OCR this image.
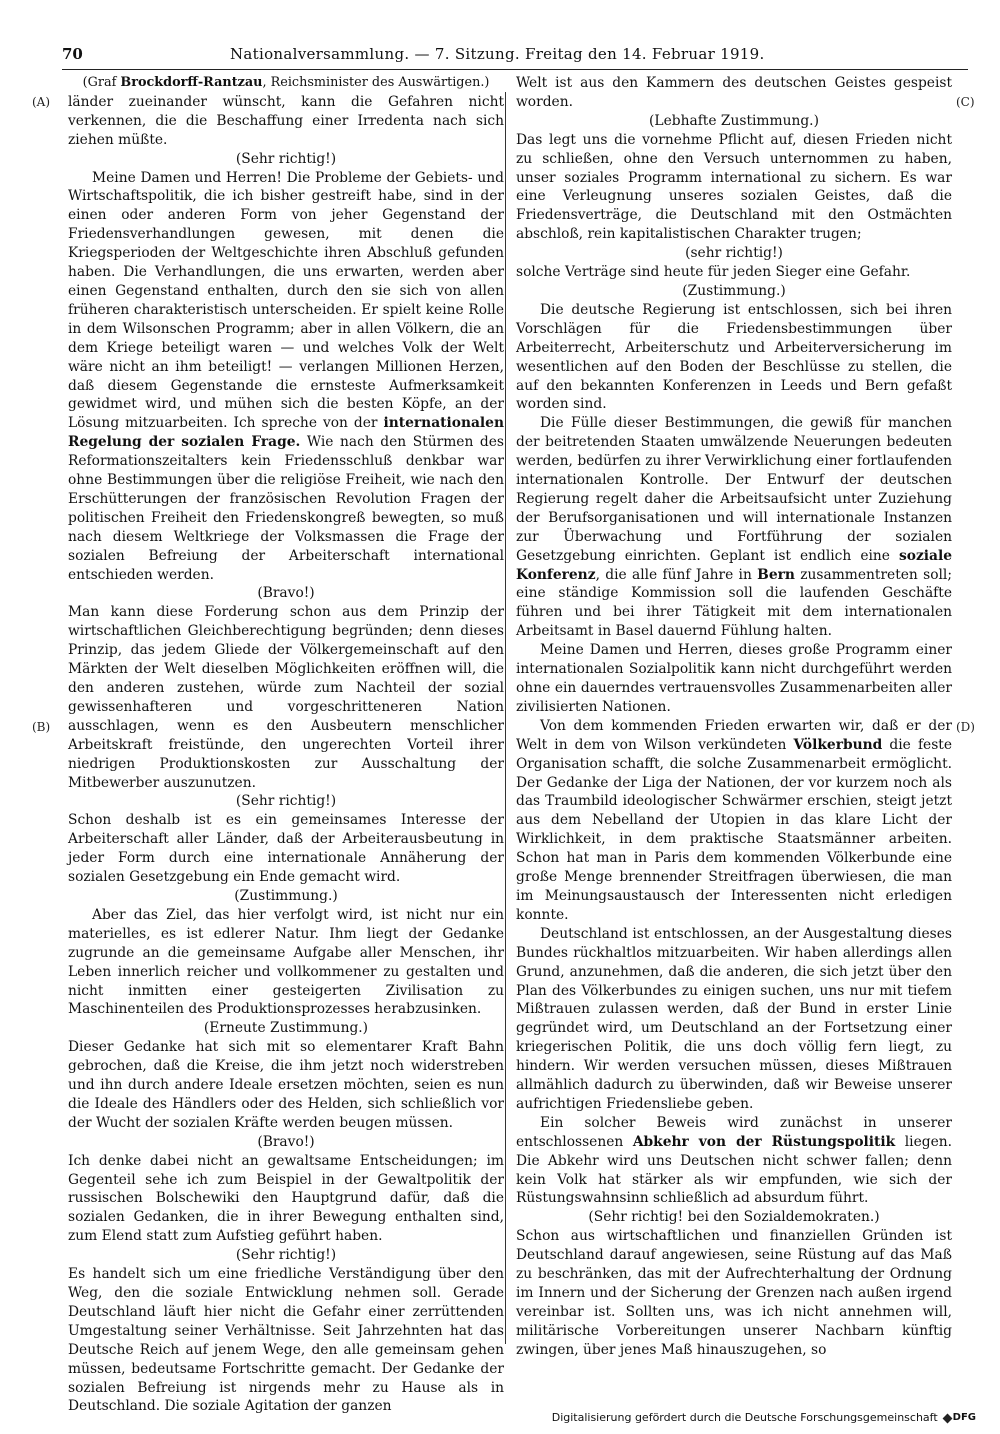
70	Nationalversammlung. — 7. Sitzung. Freitag den 14. Februar 1919.
(A)
(B)
(C)
(D)

(Graf Brockdorff-Rantzau, Reichsminister des Auswärtigen.)

länder zueinander wünscht, kann die Gefahren nicht verkennen, die die Beschaffung einer Irredenta nach sich ziehen müßte.

(Sehr richtig!)

Meine Damen und Herren! Die Probleme der Gebiets- und Wirtschaftspolitik, die ich bisher gestreift habe, sind in der einen oder anderen Form von jeher Gegenstand der Friedensverhandlungen gewesen, mit denen die Kriegsperioden der Weltgeschichte ihren Abschluß gefunden haben. Die Verhandlungen, die uns erwarten, werden aber einen Gegenstand enthalten, durch den sie sich von allen früheren charakteristisch unterscheiden. Er spielt keine Rolle in dem Wilsonschen Programm; aber in allen Völkern, die an dem Kriege beteiligt waren — und welches Volk der Welt wäre nicht an ihm beteiligt! — verlangen Millionen Herzen, daß diesem Gegenstande die ernsteste Aufmerksamkeit gewidmet wird, und mühen sich die besten Köpfe, an der Lösung mitzuarbeiten. Ich spreche von der internationalen Regelung der sozialen Frage. Wie nach den Stürmen des Reformationszeitalters kein Friedensschluß denkbar war ohne Bestimmungen über die religiöse Freiheit, wie nach den Erschütterungen der französischen Revolution Fragen der politischen Freiheit den Friedenskongreß bewegten, so muß nach diesem Weltkriege der Volksmassen die Frage der sozialen Befreiung der Arbeiterschaft international entschieden werden.

(Bravo!)

Man kann diese Forderung schon aus dem Prinzip der wirtschaftlichen Gleichberechtigung begründen; denn dieses Prinzip, das jedem Gliede der Völkergemeinschaft auf den Märkten der Welt dieselben Möglichkeiten eröffnen will, die den anderen zustehen, würde zum Nachteil der sozial gewissenhafteren und vorgeschritteneren Nation ausschlagen, wenn es den Ausbeutern menschlicher Arbeitskraft freistünde, den ungerechten Vorteil ihrer niedrigen Produktionskosten zur Ausschaltung der Mitbewerber auszunutzen.

(Sehr richtig!)

Schon deshalb ist es ein gemeinsames Interesse der Arbeiterschaft aller Länder, daß der Arbeiterausbeutung in jeder Form durch eine internationale Annäherung der sozialen Gesetzgebung ein Ende gemacht wird.

(Zustimmung.)

Aber das Ziel, das hier verfolgt wird, ist nicht nur ein materielles, es ist edlerer Natur. Ihm liegt der Gedanke zugrunde an die gemeinsame Aufgabe aller Menschen, ihr Leben innerlich reicher und vollkommener zu gestalten und nicht inmitten einer gesteigerten Zivilisation zu Maschinenteilen des Produktionsprozesses herabzusinken.

(Erneute Zustimmung.)

Dieser Gedanke hat sich mit so elementarer Kraft Bahn gebrochen, daß die Kreise, die ihm jetzt noch widerstreben und ihn durch andere Ideale ersetzen möchten, seien es nun die Ideale des Händlers oder des Helden, sich schließlich vor der Wucht der sozialen Kräfte werden beugen müssen.

(Bravo!)

Ich denke dabei nicht an gewaltsame Entscheidungen; im Gegenteil sehe ich zum Beispiel in der Gewaltpolitik der russischen Bolschewiki den Hauptgrund dafür, daß die sozialen Gedanken, die in ihrer Bewegung enthalten sind, zum Elend statt zum Aufstieg geführt haben.

(Sehr richtig!)

Es handelt sich um eine friedliche Verständigung über den Weg, den die soziale Entwicklung nehmen soll. Gerade Deutschland läuft hier nicht die Gefahr einer zerrüttenden Umgestaltung seiner Verhältnisse. Seit Jahrzehnten hat das Deutsche Reich auf jenem Wege, den alle gemeinsam gehen müssen, bedeutsame Fortschritte gemacht. Der Gedanke der sozialen Befreiung ist nirgends mehr zu Hause als in Deutschland. Die soziale Agitation der ganzen

Welt ist aus den Kammern des deutschen Geistes gespeist worden.

(Lebhafte Zustimmung.)

Das legt uns die vornehme Pflicht auf, diesen Frieden nicht zu schließen, ohne den Versuch unternommen zu haben, unser soziales Programm international zu sichern. Es war eine Verleugnung unseres sozialen Geistes, daß die Friedensverträge, die Deutschland mit den Ostmächten abschloß, rein kapitalistischen Charakter trugen;

(sehr richtig!)

solche Verträge sind heute für jeden Sieger eine Gefahr.

(Zustimmung.)

Die deutsche Regierung ist entschlossen, sich bei ihren Vorschlägen für die Friedensbestimmungen über Arbeiterrecht, Arbeiterschutz und Arbeiterversicherung im wesentlichen auf den Boden der Beschlüsse zu stellen, die auf den bekannten Konferenzen in Leeds und Bern gefaßt worden sind.

Die Fülle dieser Bestimmungen, die gewiß für manchen der beitretenden Staaten umwälzende Neuerungen bedeuten werden, bedürfen zu ihrer Verwirklichung einer fortlaufenden internationalen Kontrolle. Der Entwurf der deutschen Regierung regelt daher die Arbeitsaufsicht unter Zuziehung der Berufsorganisationen und will internationale Instanzen zur Überwachung und Fortführung der sozialen Gesetzgebung einrichten. Geplant ist endlich eine soziale Konferenz, die alle fünf Jahre in Bern zusammentreten soll; eine ständige Kommission soll die laufenden Geschäfte führen und bei ihrer Tätigkeit mit dem internationalen Arbeitsamt in Basel dauernd Fühlung halten.

Meine Damen und Herren, dieses große Programm einer internationalen Sozialpolitik kann nicht durchgeführt werden ohne ein dauerndes vertrauensvolles Zusammenarbeiten aller zivilisierten Nationen.

Von dem kommenden Frieden erwarten wir, daß er der Welt in dem von Wilson verkündeten Völkerbund die feste Organisation schafft, die solche Zusammenarbeit ermöglicht. Der Gedanke der Liga der Nationen, der vor kurzem noch als das Traumbild ideologischer Schwärmer erschien, steigt jetzt aus dem Nebelland der Utopien in das klare Licht der Wirklichkeit, in dem praktische Staatsmänner arbeiten. Schon hat man in Paris dem kommenden Völkerbunde eine große Menge brennender Streitfragen überwiesen, die man im Meinungsaustausch der Interessenten nicht erledigen konnte.

Deutschland ist entschlossen, an der Ausgestaltung dieses Bundes rückhaltlos mitzuarbeiten. Wir haben allerdings allen Grund, anzunehmen, daß die anderen, die sich jetzt über den Plan des Völkerbundes zu einigen suchen, uns nur mit tiefem Mißtrauen zulassen werden, daß der Bund in erster Linie gegründet wird, um Deutschland an der Fortsetzung einer kriegerischen Politik, die uns doch völlig fern liegt, zu hindern. Wir werden versuchen müssen, dieses Mißtrauen allmählich dadurch zu überwinden, daß wir Beweise unserer aufrichtigen Friedensliebe geben.

Ein solcher Beweis wird zunächst in unserer entschlossenen Abkehr von der Rüstungspolitik liegen. Die Abkehr wird uns Deutschen nicht schwer fallen; denn kein Volk hat stärker als wir empfunden, wie sich der Rüstungswahnsinn schließlich ad absurdum führt.

(Sehr richtig! bei den Sozialdemokraten.)

Schon aus wirtschaftlichen und finanziellen Gründen ist Deutschland darauf angewiesen, seine Rüstung auf das Maß zu beschränken, das mit der Aufrechterhaltung der Ordnung im Innern und der Sicherung der Grenzen nach außen irgend vereinbar ist. Sollten uns, was ich nicht annehmen will, militärische Vorbereitungen unserer Nachbarn künftig zwingen, über jenes Maß hinauszugehen, so

Digitalisierung gefördert durch die Deutsche Forschungsgemeinschaft DFG
